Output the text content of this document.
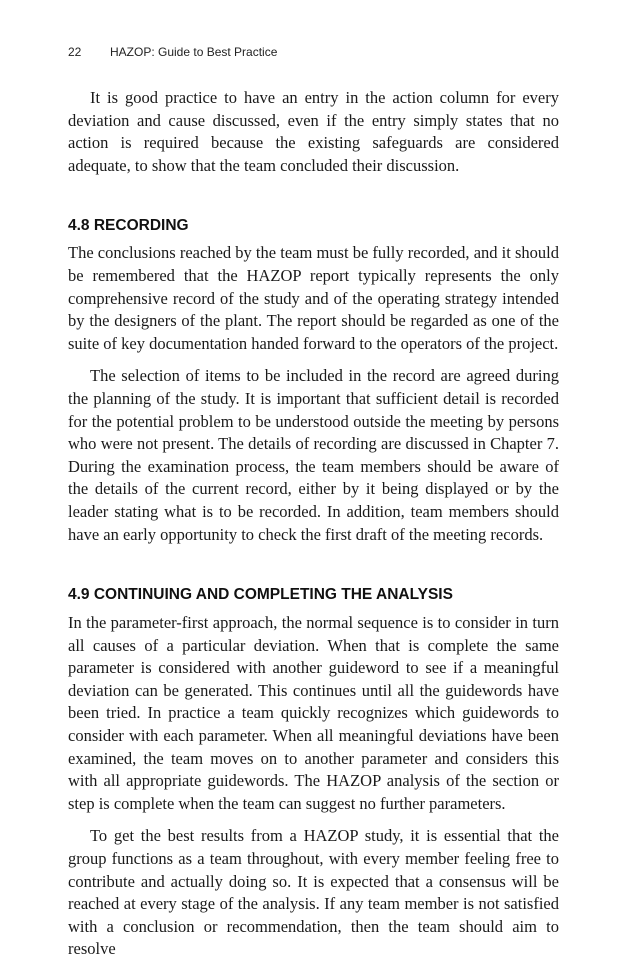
22 HAZOP: Guide to Best Practice

It is good practice to have an entry in the action column for every deviation and cause discussed, even if the entry simply states that no action is required because the existing safeguards are considered adequate, to show that the team concluded their discussion.

4.8 RECORDING

The conclusions reached by the team must be fully recorded, and it should be remembered that the HAZOP report typically represents the only comprehensive record of the study and of the operating strategy intended by the designers of the plant. The report should be regarded as one of the suite of key documentation handed forward to the operators of the project.

The selection of items to be included in the record are agreed during the planning of the study. It is important that sufficient detail is recorded for the potential problem to be understood outside the meeting by persons who were not present. The details of recording are discussed in Chapter 7. During the examination process, the team members should be aware of the details of the current record, either by it being displayed or by the leader stating what is to be recorded. In addition, team members should have an early opportunity to check the first draft of the meeting records.

4.9 CONTINUING AND COMPLETING THE ANALYSIS

In the parameter-first approach, the normal sequence is to consider in turn all causes of a particular deviation. When that is complete the same parameter is considered with another guideword to see if a meaningful deviation can be generated. This continues until all the guidewords have been tried. In practice a team quickly recognizes which guidewords to consider with each parameter. When all meaningful deviations have been examined, the team moves on to another parameter and considers this with all appropriate guidewords. The HAZOP analysis of the section or step is complete when the team can suggest no further parameters.

To get the best results from a HAZOP study, it is essential that the group functions as a team throughout, with every member feeling free to contribute and actually doing so. It is expected that a consensus will be reached at every stage of the analysis. If any team member is not satisfied with a conclusion or recommendation, then the team should aim to resolve
